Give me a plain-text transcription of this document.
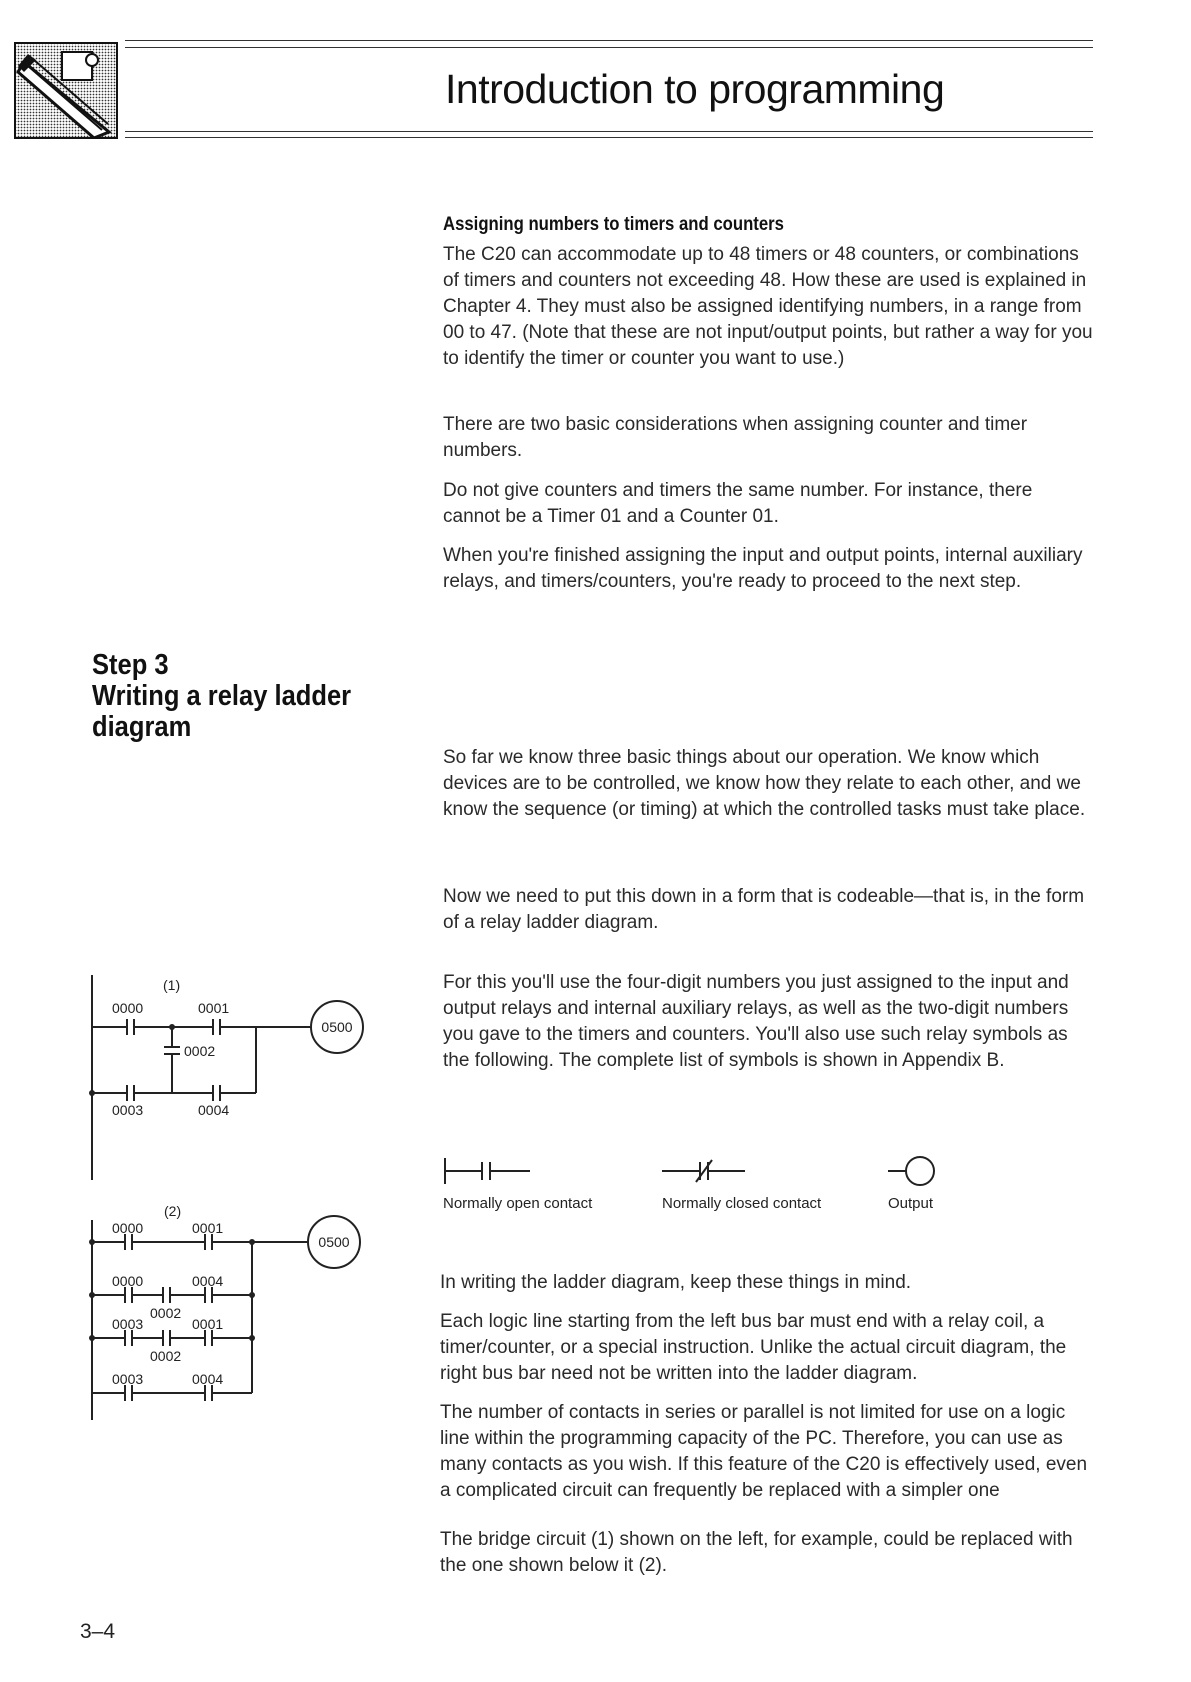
Introduction to programming
Assigning numbers to timers and counters

The C20 can accommodate up to 48 timers or 48 counters, or combinations of timers and counters not exceeding 48. How these are used is explained in Chapter 4. They must also be assigned identifying numbers, in a range from 00 to 47. (Note that these are not input/output points, but rather a way for you to identify the timer or counter you want to use.)

There are two basic considerations when assigning counter and timer numbers.

Do not give counters and timers the same number. For instance, there cannot be a Timer 01 and a Counter 01.

When you're finished assigning the input and output points, internal auxiliary relays, and timers/counters, you're ready to proceed to the next step.

Step 3
Writing a relay ladder
diagram

So far we know three basic things about our operation. We know which devices are to be controlled, we know how they relate to each other, and we know the sequence (or timing) at which the controlled tasks must take place.

Now we need to put this down in a form that is codeable—that is, in the form of a relay ladder diagram.

For this you'll use the four-digit numbers you just assigned to the input and output relays and internal auxiliary relays, as well as the two-digit numbers you gave to the timers and counters. You'll also use such relay symbols as the following. The complete list of symbols is shown in Appendix B.

Normally open contact	Normally closed contact	Output

In writing the ladder diagram, keep these things in mind.

Each logic line starting from the left bus bar must end with a relay coil, a timer/counter, or a special instruction. Unlike the actual circuit diagram, the right bus bar need not be written into the ladder diagram.

The number of contacts in series or parallel is not limited for use on a logic line within the programming capacity of the PC. Therefore, you can use as many contacts as you wish. If this feature of the C20 is effectively used, even a complicated circuit can frequently be replaced with a simpler one

The bridge circuit (1) shown on the left, for example, could be replaced with the one shown below it (2).

(1)
0000	0001
0002
0003	0004
0500
(2)
0000	0001
0000
0002
0004
0003
0002
0001
0003	0004
0500

3–4
